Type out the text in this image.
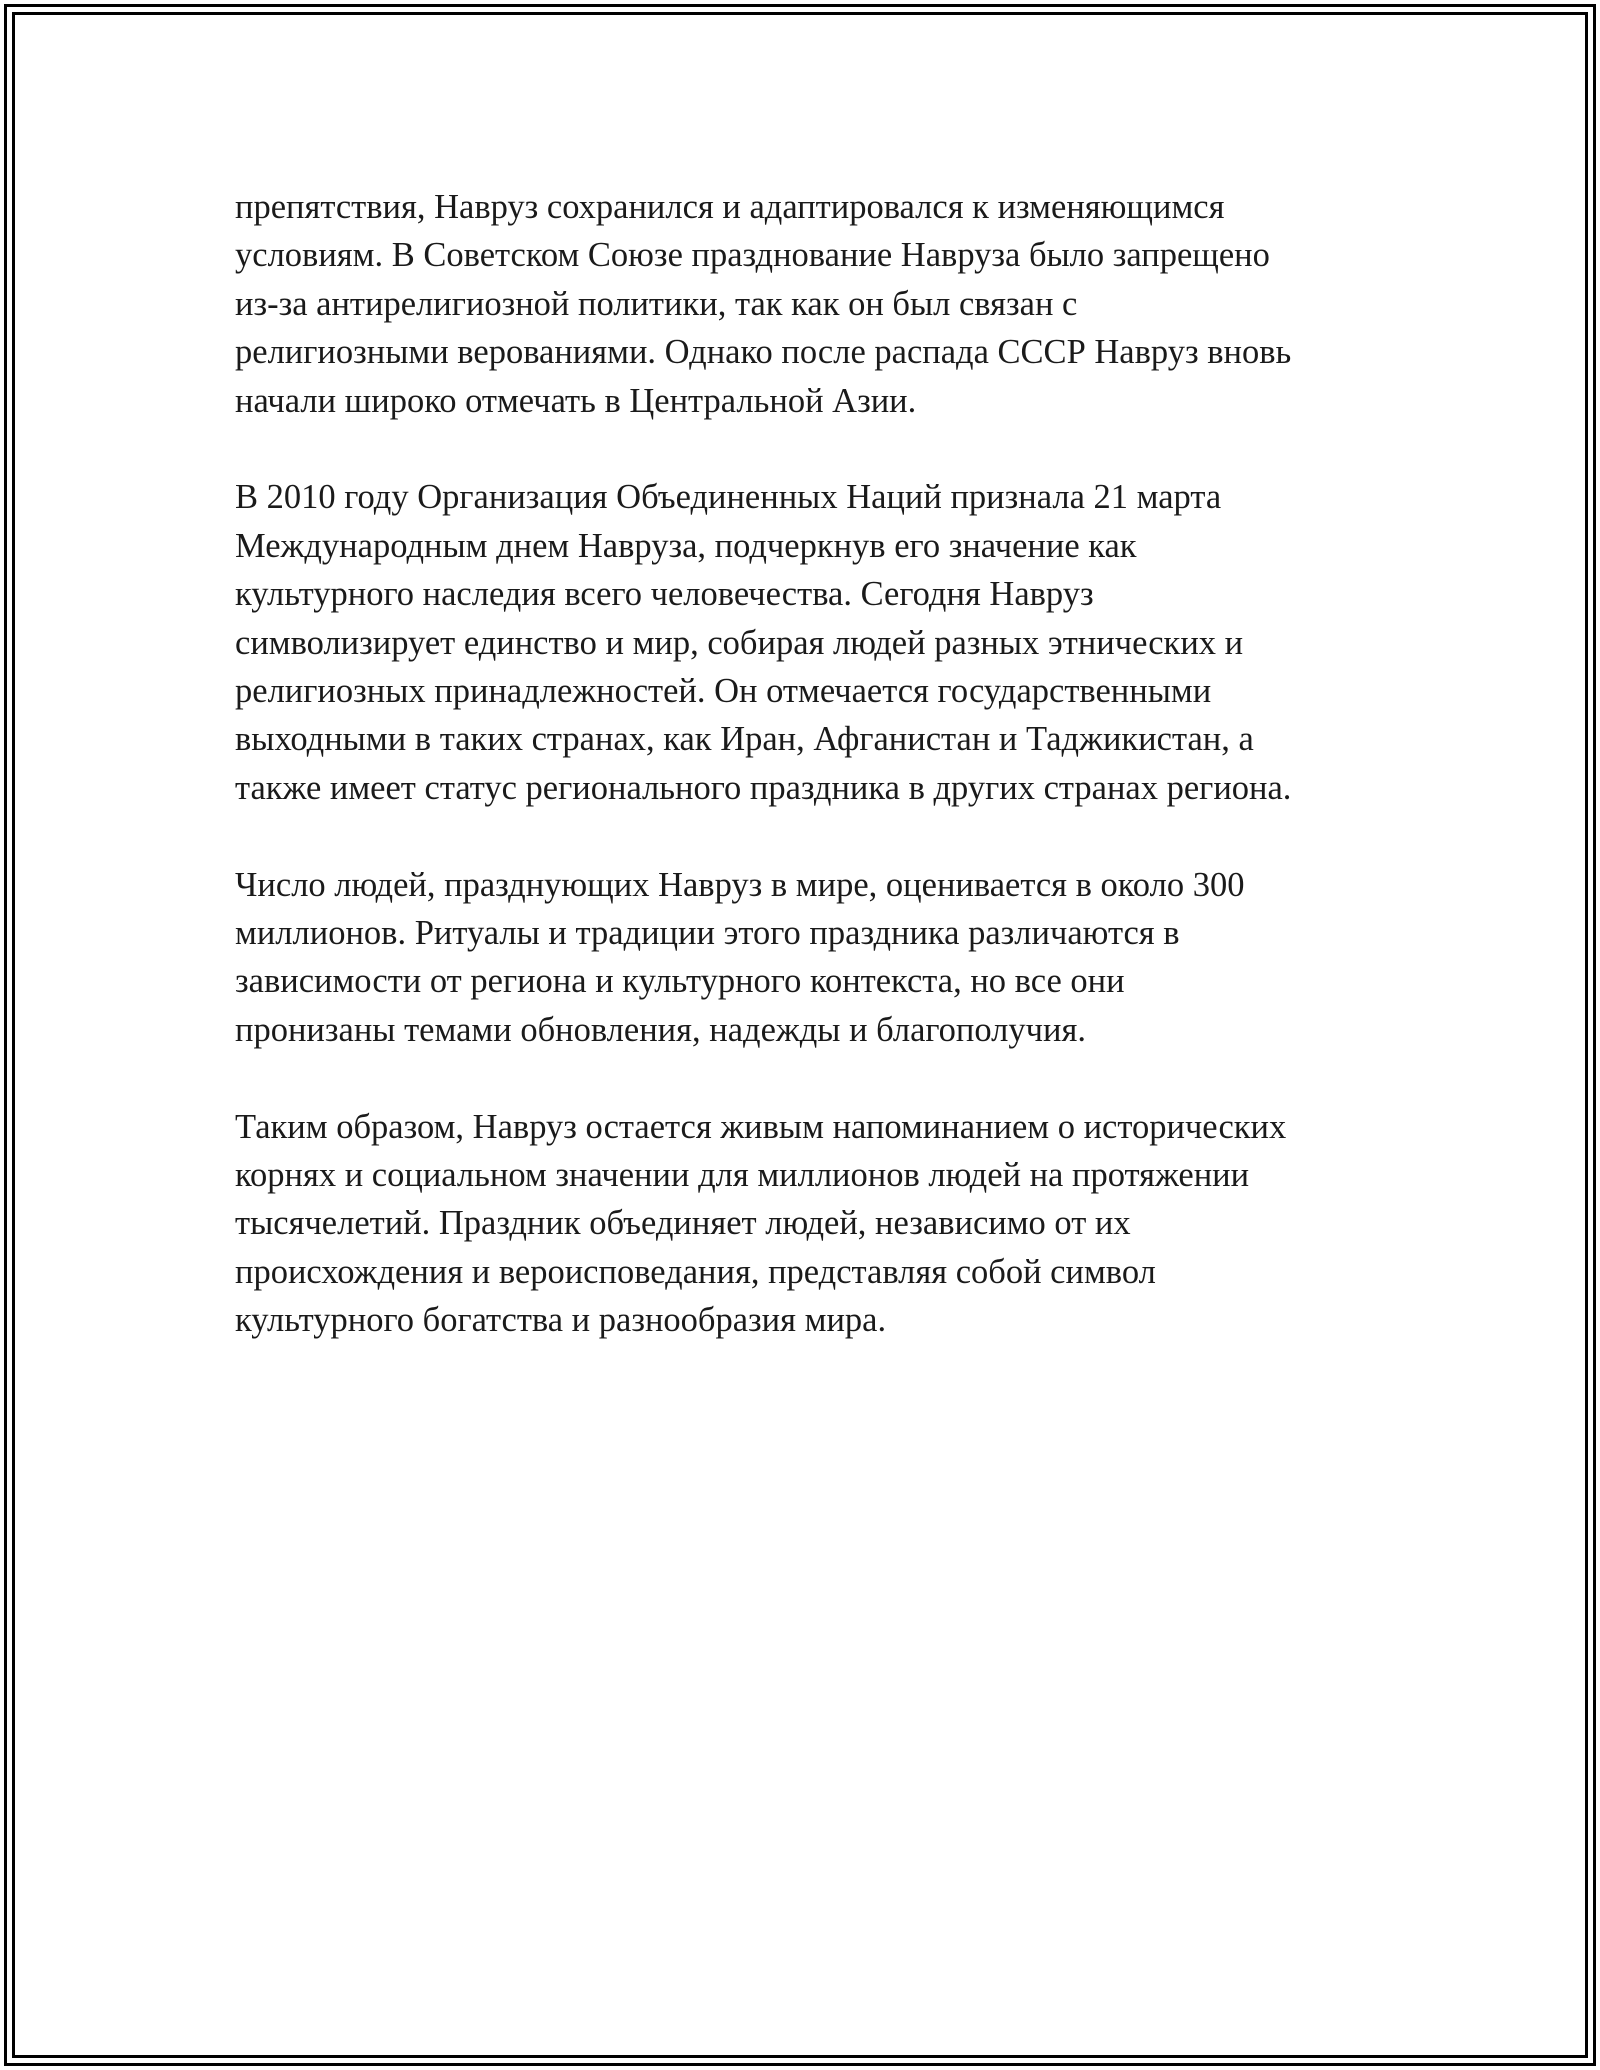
препятствия, Навруз сохранился и адаптировался к изменяющимся
условиям. В Советском Союзе празднование Навруза было запрещено
из-за антирелигиозной политики, так как он был связан с
религиозными верованиями. Однако после распада СССР Навруз вновь
начали широко отмечать в Центральной Азии.

В 2010 году Организация Объединенных Наций признала 21 марта
Международным днем Навруза, подчеркнув его значение как
культурного наследия всего человечества. Сегодня Навруз
символизирует единство и мир, собирая людей разных этнических и
религиозных принадлежностей. Он отмечается государственными
выходными в таких странах, как Иран, Афганистан и Таджикистан, а
также имеет статус регионального праздника в других странах региона.

Число людей, празднующих Навруз в мире, оценивается в около 300
миллионов. Ритуалы и традиции этого праздника различаются в
зависимости от региона и культурного контекста, но все они
пронизаны темами обновления, надежды и благополучия.

Таким образом, Навруз остается живым напоминанием о исторических
корнях и социальном значении для миллионов людей на протяжении
тысячелетий. Праздник объединяет людей, независимо от их
происхождения и вероисповедания, представляя собой символ
культурного богатства и разнообразия мира.
